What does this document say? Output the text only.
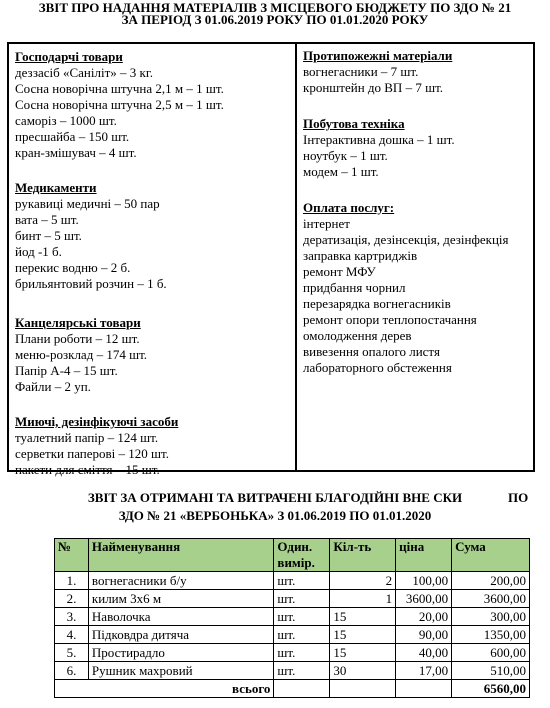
ЗВІТ ПРО НАДАННЯ МАТЕРІАЛІВ З МІСЦЕВОГО БЮДЖЕТУ ПО ЗДО № 21
ЗА ПЕРІОД З 01.06.2019 РОКУ ПО 01.01.2020 РОКУ
Господарчі товари
деззасіб «Саніліт» – 3 кг.
Сосна новорічна штучна 2,1 м – 1 шт.
Сосна новорічна штучна 2,5 м – 1 шт.
саморіз – 1000 шт.
пресшайба – 150 шт.
кран-змішувач – 4 шт.
Медикаменти
рукавиці медичні – 50 пар
вата – 5 шт.
бинт – 5 шт.
йод -1 б.
перекис водню – 2 б.
брильянтовий розчин – 1 б.
Канцелярські товари
Плани роботи – 12 шт.
меню-розклад – 174 шт.
Папір А-4 – 15 шт.
Файли – 2 уп.
Миючі, дезінфікуючі засоби
туалетний папір – 124 шт.
серветки паперові – 120 шт.
пакети для сміття – 15 шт.
Протипожежні матеріали
вогнегасники – 7 шт.
кронштейн до ВП – 7 шт.
Побутова техніка
Інтерактивна дошка – 1 шт.
ноутбук – 1 шт.
модем – 1 шт.
Оплата послуг:
інтернет
дератизація, дезінсекція, дезінфекція
заправка картриджів
ремонт МФУ
придбання чорнил
перезарядка вогнегасників
ремонт опори теплопостачання
омолодження дерев
вивезення опалого листя
лабораторного обстеження
ЗВІТ ЗА ОТРИМАНІ ТА ВИТРАЧЕНІ БЛАГОДІЙНІ ВНЕ СКИ	ПО
ЗДО № 21 «ВЕРБОНЬКА» З 01.06.2019 ПО 01.01.2020
№	Найменування	Один. вимір.	Кіл-ть	ціна	Сума
1.	вогнегасники б/у	шт.	2	100,00	200,00
2.	килим 3х6 м	шт.	1	3600,00	3600,00
3.	Наволочка	шт.	15	20,00	300,00
4.	Підковдра дитяча	шт.	15	90,00	1350,00
5.	Простирадло	шт.	15	40,00	600,00
6.	Рушник махровий	шт.	30	17,00	510,00
всього					6560,00
